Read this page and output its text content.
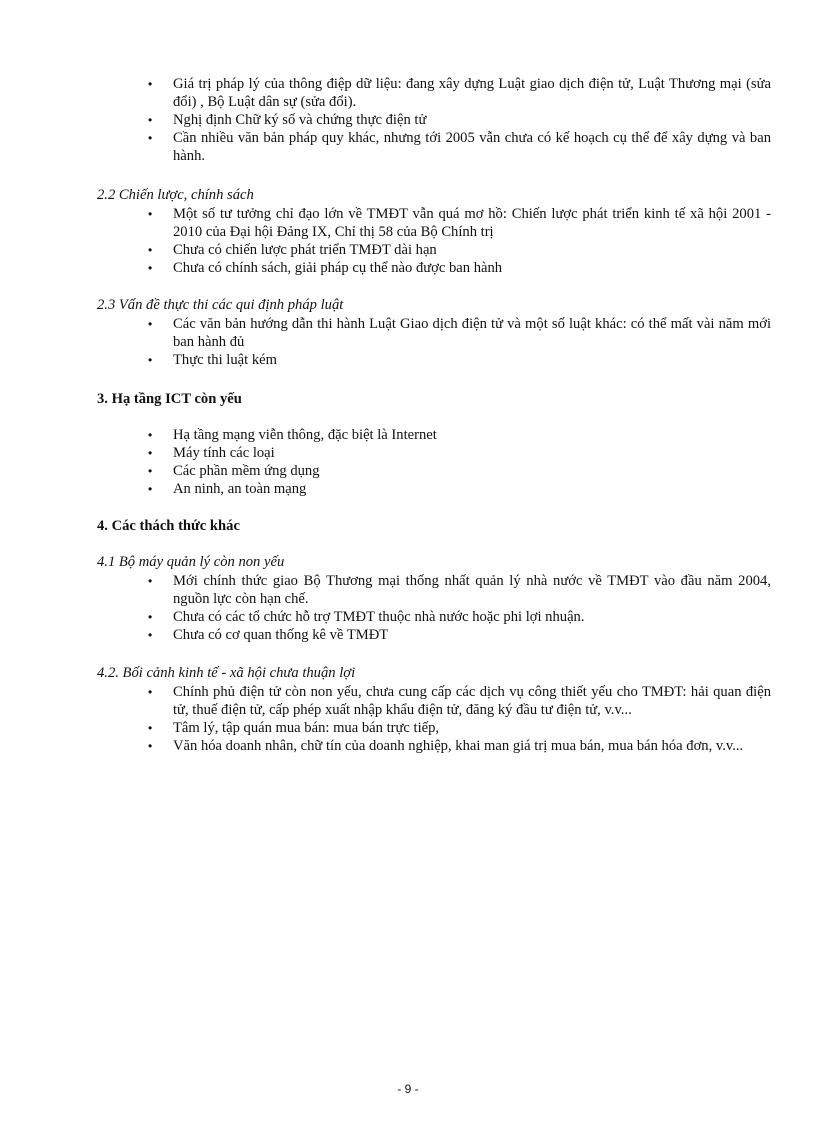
• Giá trị pháp lý của thông điệp dữ liệu: đang xây dựng Luật giao dịch điện tử, Luật Thương mại (sửa đổi) , Bộ Luật dân sự (sửa đổi).
• Nghị định Chữ ký số và chứng thực điện tử
• Cần nhiều văn bản pháp quy khác, nhưng tới 2005 vẫn chưa có kế hoạch cụ thể để xây dựng và ban hành.
2.2 Chiến lược, chính sách
• Một số tư tưởng chỉ đạo lớn về TMĐT vẫn quá mơ hồ: Chiến lược phát triển kinh tế xã hội 2001 - 2010 của Đại hội Đảng IX, Chỉ thị 58 của Bộ Chính trị
• Chưa có chiến lược phát triển TMĐT dài hạn
• Chưa có chính sách, giải pháp cụ thể nào được ban hành
2.3 Vấn đề thực thi các qui định pháp luật
• Các văn bản hướng dẫn thi hành Luật Giao dịch điện tử và một số luật khác: có thể mất vài năm mới ban hành đủ
• Thực thi luật kém
3. Hạ tầng ICT còn yếu
• Hạ tầng mạng viễn thông, đặc biệt là Internet
• Máy tính các loại
• Các phần mềm ứng dụng
• An ninh, an toàn mạng
4. Các thách thức khác
4.1 Bộ máy quản lý còn non yếu
• Mới chính thức giao Bộ Thương mại thống nhất quản lý nhà nước về TMĐT vào đầu năm 2004, nguồn lực còn hạn chế.
• Chưa có các tổ chức hỗ trợ TMĐT thuộc nhà nước hoặc phi lợi nhuận.
• Chưa có cơ quan thống kê về TMĐT
4.2. Bối cảnh kinh tế - xã hội chưa thuận lợi
• Chính phủ điện tử còn non yếu, chưa cung cấp các dịch vụ công thiết yếu cho TMĐT: hải quan điện tử, thuế điện tử, cấp phép xuất nhập khẩu điện tử, đăng ký đầu tư điện tử, v.v...
• Tâm lý, tập quán mua bán: mua bán trực tiếp,
• Văn hóa doanh nhân, chữ tín của doanh nghiệp, khai man giá trị mua bán, mua bán hóa đơn, v.v...
- 9 -
